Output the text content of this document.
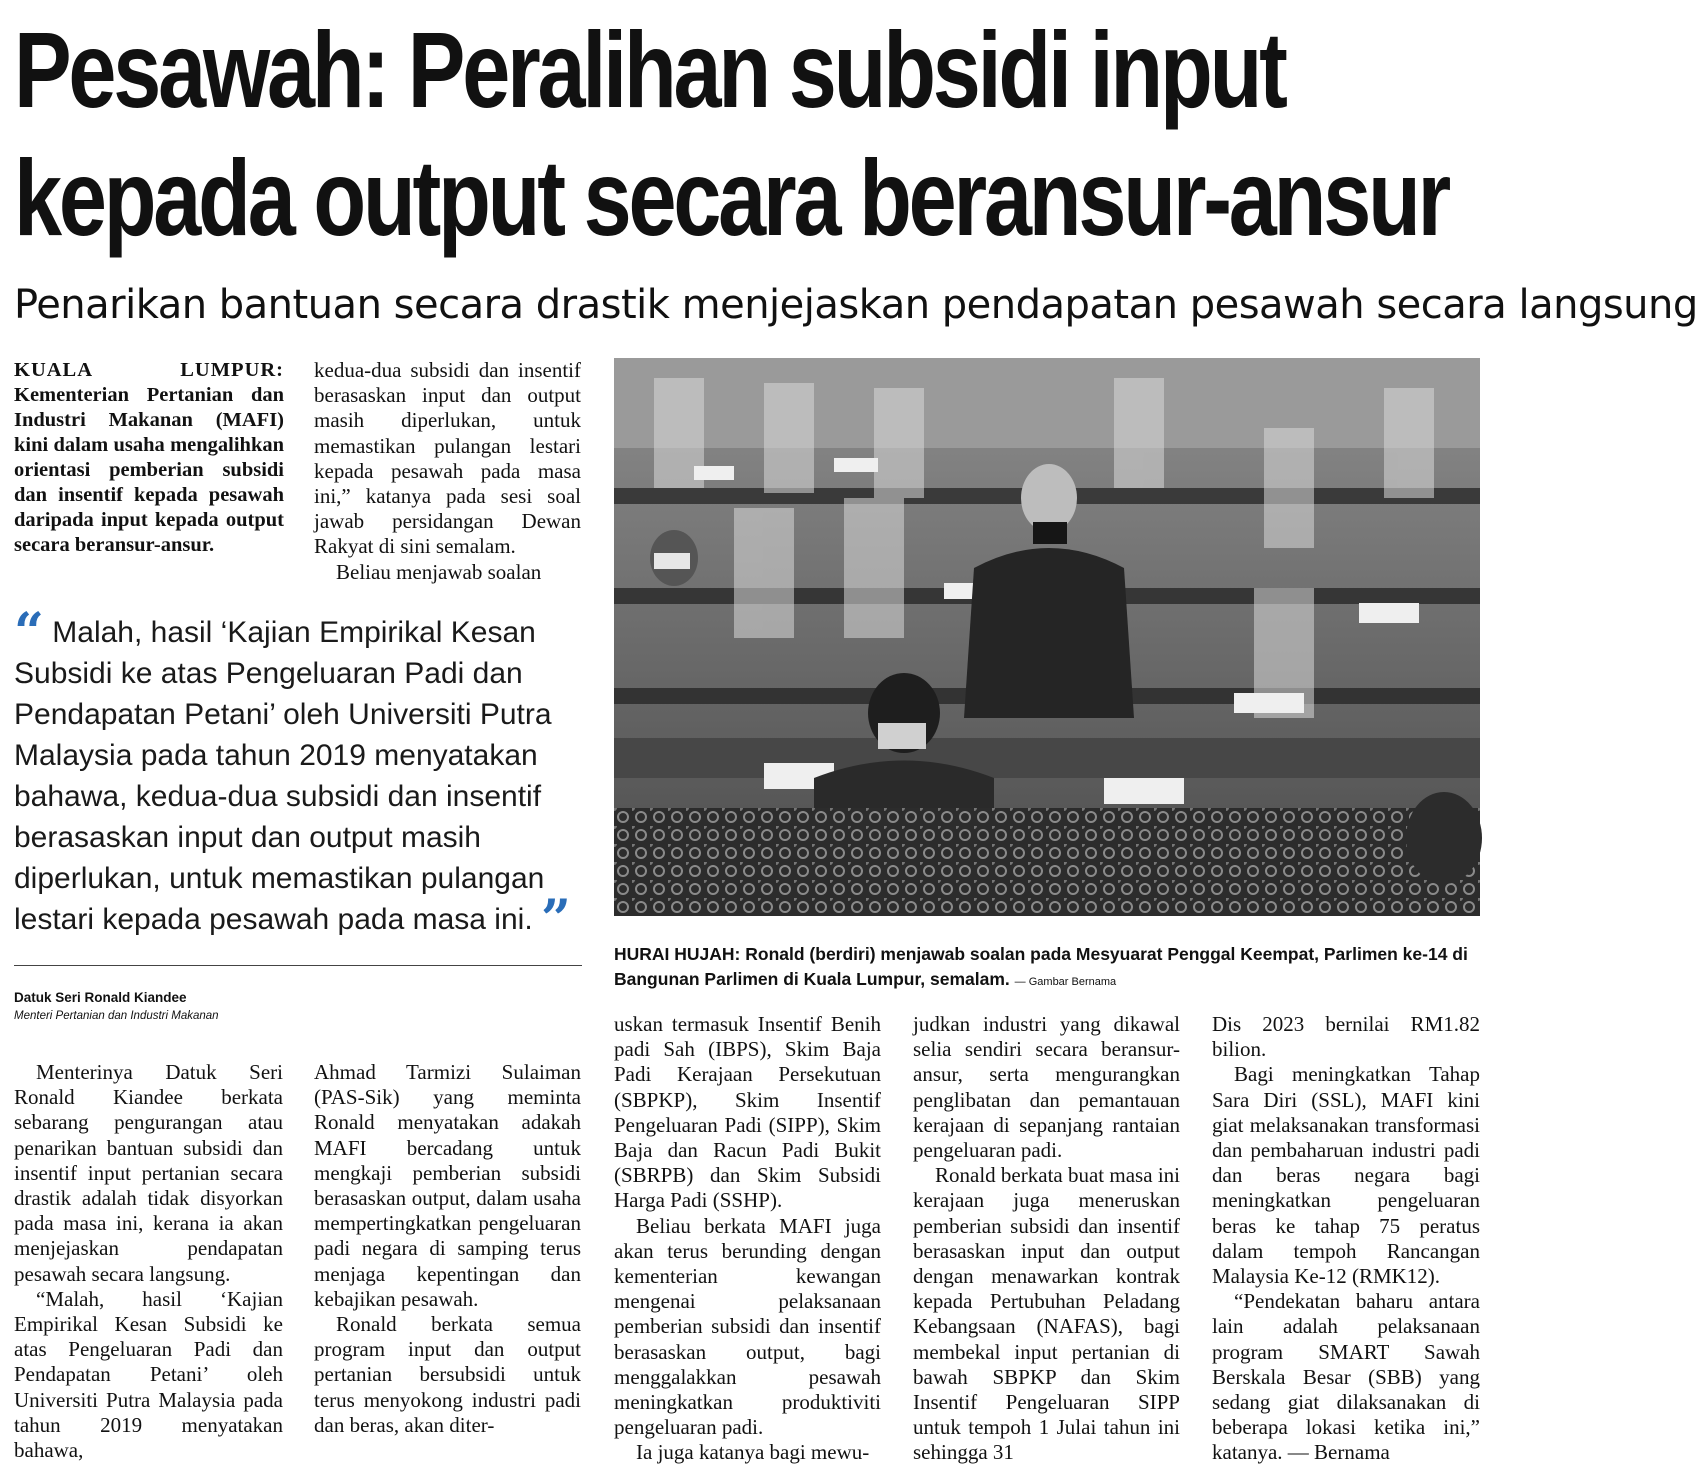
Pesawah: Peralihan subsidi input
kepada output secara beransur-ansur
Penarikan bantuan secara drastik menjejaskan pendapatan pesawah secara langsung

KUALA LUMPUR: Kementerian Pertanian dan Industri Makanan (MAFI) kini dalam usaha mengalihkan orientasi pemberian subsidi dan insentif kepada pesawah daripada input kepada output secara beransur-ansur.

kedua-dua subsidi dan insentif berasaskan input dan output masih diperlukan, untuk memastikan pulangan lestari kepada pesawah pada masa ini,” katanya pada sesi soal jawab persidangan Dewan Rakyat di sini semalam.

Beliau menjawab soalan

“ Malah, hasil ‘Kajian Empirikal Kesan Subsidi ke atas Pengeluaran Padi dan Pendapatan Petani’ oleh Universiti Putra Malaysia pada tahun 2019 menyatakan bahawa, kedua-dua subsidi dan insentif berasaskan input dan output masih diperlukan, untuk memastikan pulangan lestari kepada pesawah pada masa ini. ”

Datuk Seri Ronald Kiandee
Menteri Pertanian dan Industri Makanan

HURAI HUJAH: Ronald (berdiri) menjawab soalan pada Mesyuarat Penggal Keempat, Parlimen ke-14 di Bangunan Parlimen di Kuala Lumpur, semalam. — Gambar Bernama

Menterinya Datuk Seri Ronald Kiandee berkata sebarang pengurangan atau penarikan bantuan subsidi dan insentif input pertanian secara drastik adalah tidak disyorkan pada masa ini, kerana ia akan menjejaskan pendapatan pesawah secara langsung.

“Malah, hasil ‘Kajian Empirikal Kesan Subsidi ke atas Pengeluaran Padi dan Pendapatan Petani’ oleh Universiti Putra Malaysia pada tahun 2019 menyatakan bahawa,

Ahmad Tarmizi Sulaiman (PAS-Sik) yang meminta Ronald menyatakan adakah MAFI bercadang untuk mengkaji pemberian subsidi berasaskan output, dalam usaha mempertingkatkan pengeluaran padi negara di samping terus menjaga kepentingan dan kebajikan pesawah.

Ronald berkata semua program input dan output pertanian bersubsidi untuk terus menyokong industri padi dan beras, akan diter-

uskan termasuk Insentif Benih padi Sah (IBPS), Skim Baja Padi Kerajaan Persekutuan (SBPKP), Skim Insentif Pengeluaran Padi (SIPP), Skim Baja dan Racun Padi Bukit (SBRPB) dan Skim Subsidi Harga Padi (SSHP).

Beliau berkata MAFI juga akan terus berunding dengan kementerian kewangan mengenai pelaksanaan pemberian subsidi dan insentif berasaskan output, bagi menggalakkan pesawah meningkatkan produktiviti pengeluaran padi.

Ia juga katanya bagi mewu-

judkan industri yang dikawal selia sendiri secara beransur-ansur, serta mengurangkan penglibatan dan pemantauan kerajaan di sepanjang rantaian pengeluaran padi.

Ronald berkata buat masa ini kerajaan juga meneruskan pemberian subsidi dan insentif berasaskan input dan output dengan menawarkan kontrak kepada Pertubuhan Peladang Kebangsaan (NAFAS), bagi membekal input pertanian di bawah SBPKP dan Skim Insentif Pengeluaran SIPP untuk tempoh 1 Julai tahun ini sehingga 31

Dis 2023 bernilai RM1.82 bilion.

Bagi meningkatkan Tahap Sara Diri (SSL), MAFI kini giat melaksanakan transformasi dan pembaharuan industri padi dan beras negara bagi meningkatkan pengeluaran beras ke tahap 75 peratus dalam tempoh Rancangan Malaysia Ke-12 (RMK12).

“Pendekatan baharu antara lain adalah pelaksanaan program SMART Sawah Berskala Besar (SBB) yang sedang giat dilaksanakan di beberapa lokasi ketika ini,” katanya. — Bernama
